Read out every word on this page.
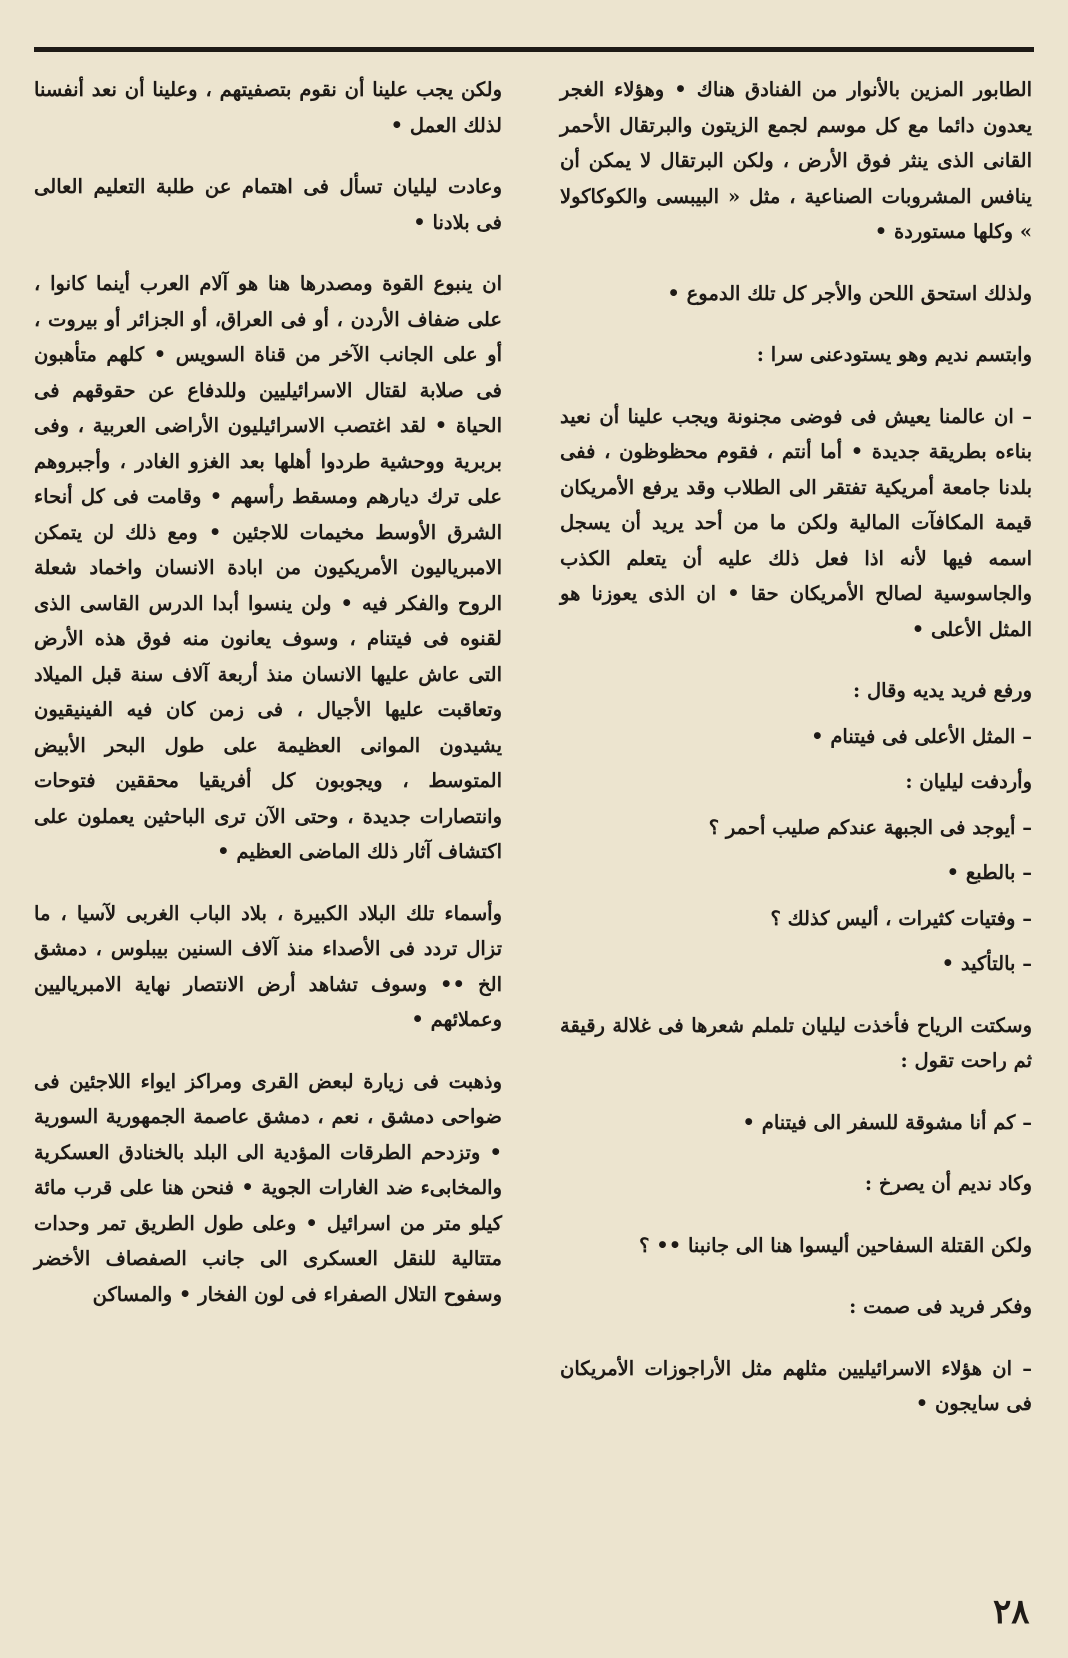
الطابور المزين بالأنوار من الفنادق هناك • وهؤلاء الغجر يعدون دائما مع كل موسم لجمع الزيتون والبرتقال الأحمر القانى الذى ينثر فوق الأرض ، ولكن البرتقال لا يمكن أن ينافس المشروبات الصناعية ، مثل « البيبسى والكوكاكولا » وكلها مستوردة •

ولذلك استحق اللحن والأجر كل تلك الدموع •

وابتسم نديم وهو يستودعنى سرا :

– ان عالمنا يعيش فى فوضى مجنونة ويجب علينا أن نعيد بناءه بطريقة جديدة • أما أنتم ، فقوم محظوظون ، ففى بلدنا جامعة أمريكية تفتقر الى الطلاب وقد يرفع الأمريكان قيمة المكافآت المالية ولكن ما من أحد يريد أن يسجل اسمه فيها لأنه اذا فعل ذلك عليه أن يتعلم الكذب والجاسوسية لصالح الأمريكان حقا • ان الذى يعوزنا هو المثل الأعلى •

ورفع فريد يديه وقال :

– المثل الأعلى فى فيتنام •

وأردفت ليليان :

– أيوجد فى الجبهة عندكم صليب أحمر ؟

– بالطبع •

– وفتيات كثيرات ، أليس كذلك ؟

– بالتأكيد •

وسكتت الرياح فأخذت ليليان تلملم شعرها فى غلالة رقيقة ثم راحت تقول :

– كم أنا مشوقة للسفر الى فيتنام •

وكاد نديم أن يصرخ :

ولكن القتلة السفاحين أليسوا هنا الى جانبنا •• ؟

وفكر فريد فى صمت :

– ان هؤلاء الاسرائيليين مثلهم مثل الأراجوزات الأمريكان فى سايجون •

ولكن يجب علينا أن نقوم بتصفيتهم ، وعلينا أن نعد أنفسنا لذلك العمل •

وعادت ليليان تسأل فى اهتمام عن طلبة التعليم العالى فى بلادنا •

ان ينبوع القوة ومصدرها هنا هو آلام العرب أينما كانوا ، على ضفاف الأردن ، أو فى العراق، أو الجزائر أو بيروت ، أو على الجانب الآخر من قناة السويس • كلهم متأهبون فى صلابة لقتال الاسرائيليين وللدفاع عن حقوقهم فى الحياة • لقد اغتصب الاسرائيليون الأراضى العربية ، وفى بربرية ووحشية طردوا أهلها بعد الغزو الغادر ، وأجبروهم على ترك ديارهم ومسقط رأسهم • وقامت فى كل أنحاء الشرق الأوسط مخيمات للاجئين • ومع ذلك لن يتمكن الامبرياليون الأمريكيون من ابادة الانسان واخماد شعلة الروح والفكر فيه • ولن ينسوا أبدا الدرس القاسى الذى لقنوه فى فيتنام ، وسوف يعانون منه فوق هذه الأرض التى عاش عليها الانسان منذ أربعة آلاف سنة قبل الميلاد وتعاقبت عليها الأجيال ، فى زمن كان فيه الفينيقيون يشيدون الموانى العظيمة على طول البحر الأبيض المتوسط ، ويجوبون كل أفريقيا محققين فتوحات وانتصارات جديدة ، وحتى الآن ترى الباحثين يعملون على اكتشاف آثار ذلك الماضى العظيم •

وأسماء تلك البلاد الكبيرة ، بلاد الباب الغربى لآسيا ، ما تزال تردد فى الأصداء منذ آلاف السنين بيبلوس ، دمشق الخ •• وسوف تشاهد أرض الانتصار نهاية الامبرياليين وعملائهم •

وذهبت فى زيارة لبعض القرى ومراكز ايواء اللاجئين فى ضواحى دمشق ، نعم ، دمشق عاصمة الجمهورية السورية • وتزدحم الطرقات المؤدية الى البلد بالخنادق العسكرية والمخابىء ضد الغارات الجوية • فنحن هنا على قرب مائة كيلو متر من اسرائيل • وعلى طول الطريق تمر وحدات متتالية للنقل العسكرى الى جانب الصفصاف الأخضر وسفوح التلال الصفراء فى لون الفخار • والمساكن

٢٨
